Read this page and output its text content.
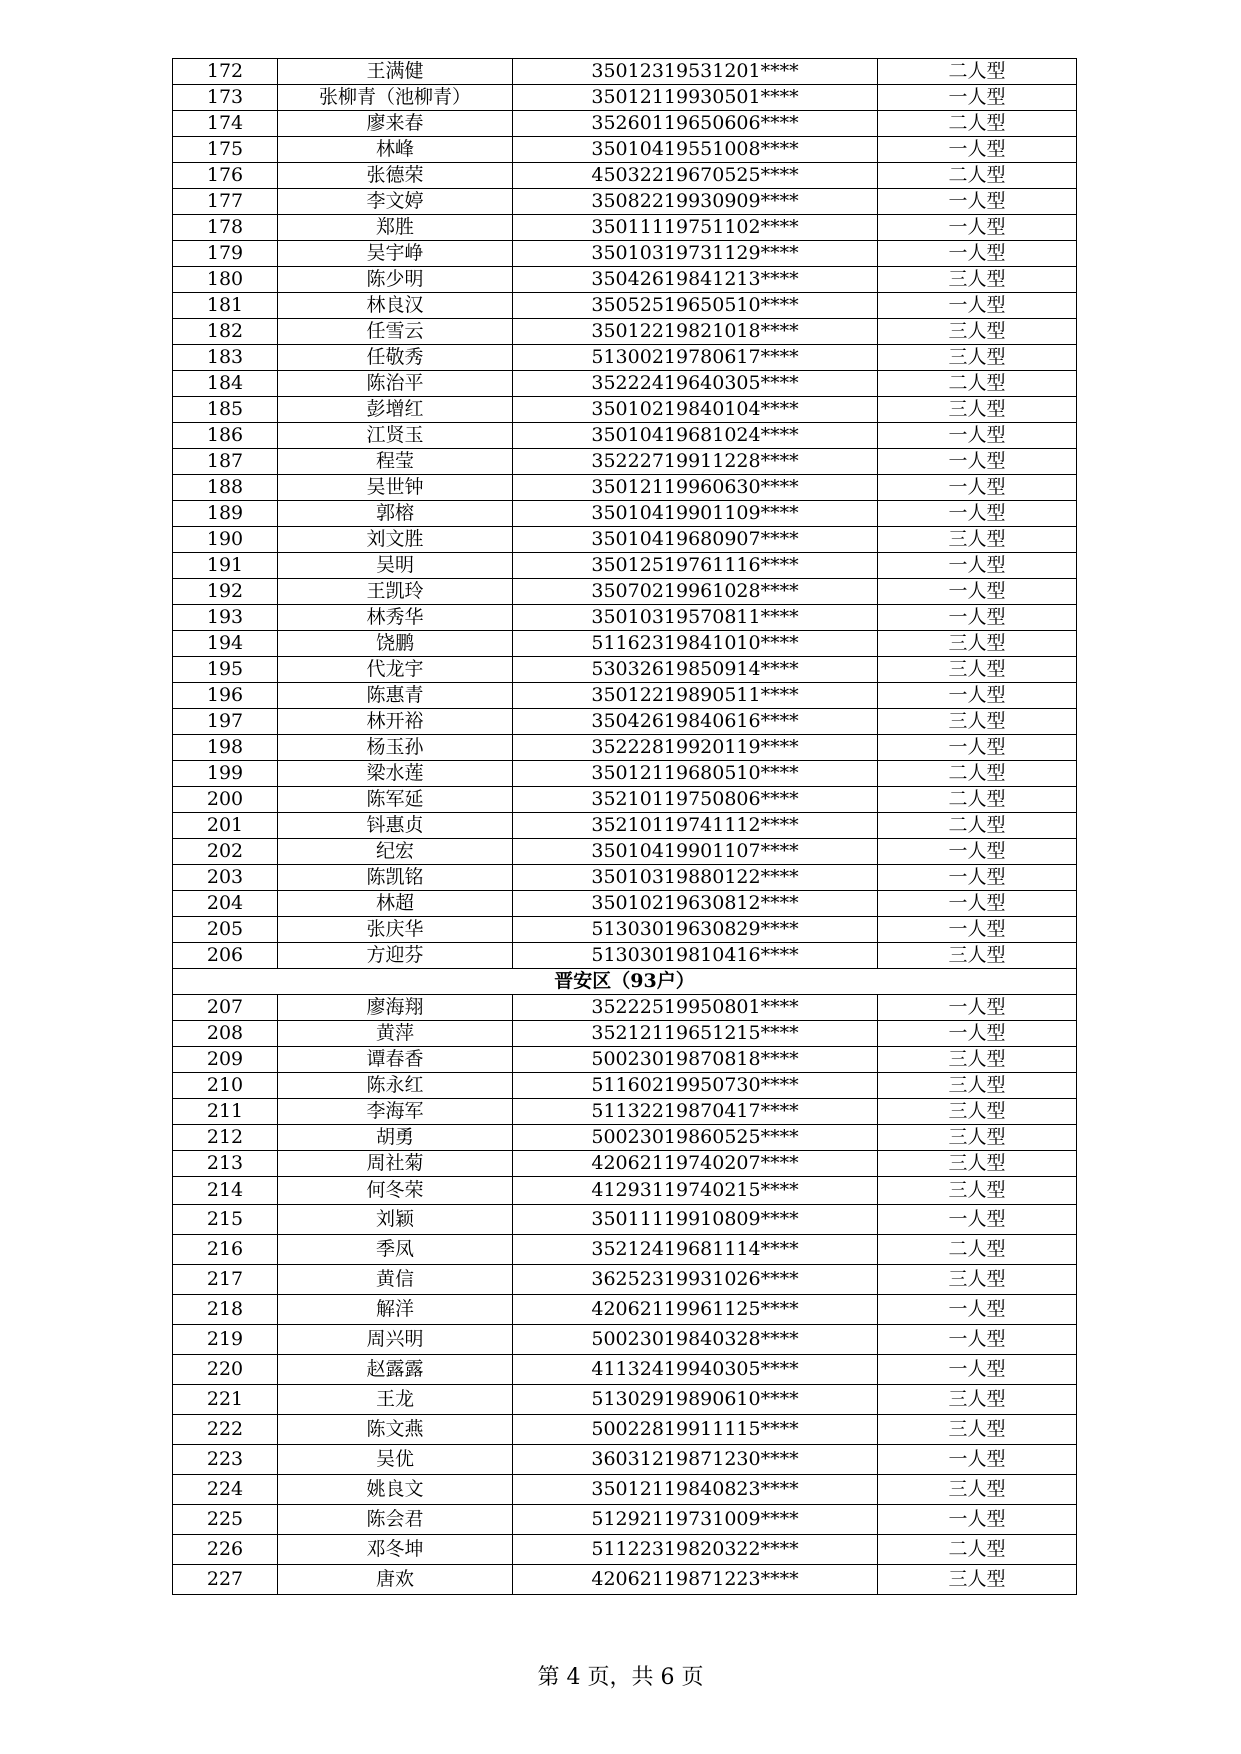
172	王满健	35012319531201****	二人型
173	张柳青（池柳青）	35012119930501****	一人型
174	廖来春	35260119650606****	二人型
175	林峰	35010419551008****	一人型
176	张德荣	45032219670525****	二人型
177	李文婷	35082219930909****	一人型
178	郑胜	35011119751102****	一人型
179	吴宇峥	35010319731129****	一人型
180	陈少明	35042619841213****	三人型
181	林良汉	35052519650510****	一人型
182	任雪云	35012219821018****	三人型
183	任敬秀	51300219780617****	三人型
184	陈治平	35222419640305****	二人型
185	彭增红	35010219840104****	三人型
186	江贤玉	35010419681024****	一人型
187	程莹	35222719911228****	一人型
188	吴世钟	35012119960630****	一人型
189	郭榕	35010419901109****	一人型
190	刘文胜	35010419680907****	三人型
191	吴明	35012519761116****	一人型
192	王凯玲	35070219961028****	一人型
193	林秀华	35010319570811****	一人型
194	饶鹏	51162319841010****	三人型
195	代龙宇	53032619850914****	三人型
196	陈惠青	35012219890511****	一人型
197	林开裕	35042619840616****	三人型
198	杨玉孙	35222819920119****	一人型
199	梁水莲	35012119680510****	二人型
200	陈军延	35210119750806****	二人型
201	钭惠贞	35210119741112****	二人型
202	纪宏	35010419901107****	一人型
203	陈凯铭	35010319880122****	一人型
204	林超	35010219630812****	一人型
205	张庆华	51303019630829****	一人型
206	方迎芬	51303019810416****	三人型
晋安区（93户）			
207	廖海翔	35222519950801****	一人型
208	黄萍	35212119651215****	一人型
209	谭春香	50023019870818****	三人型
210	陈永红	51160219950730****	三人型
211	李海军	51132219870417****	三人型
212	胡勇	50023019860525****	三人型
213	周社菊	42062119740207****	三人型
214	何冬荣	41293119740215****	三人型
215	刘颖	35011119910809****	一人型
216	季凤	35212419681114****	二人型
217	黄信	36252319931026****	三人型
218	解洋	42062119961125****	一人型
219	周兴明	50023019840328****	一人型
220	赵露露	41132419940305****	一人型
221	王龙	51302919890610****	三人型
222	陈文燕	50022819911115****	三人型
223	吴优	36031219871230****	一人型
224	姚良文	35012119840823****	三人型
225	陈会君	51292119731009****	一人型
226	邓冬坤	51122319820322****	二人型
227	唐欢	42062119871223****	三人型
第 4 页，共 6 页
